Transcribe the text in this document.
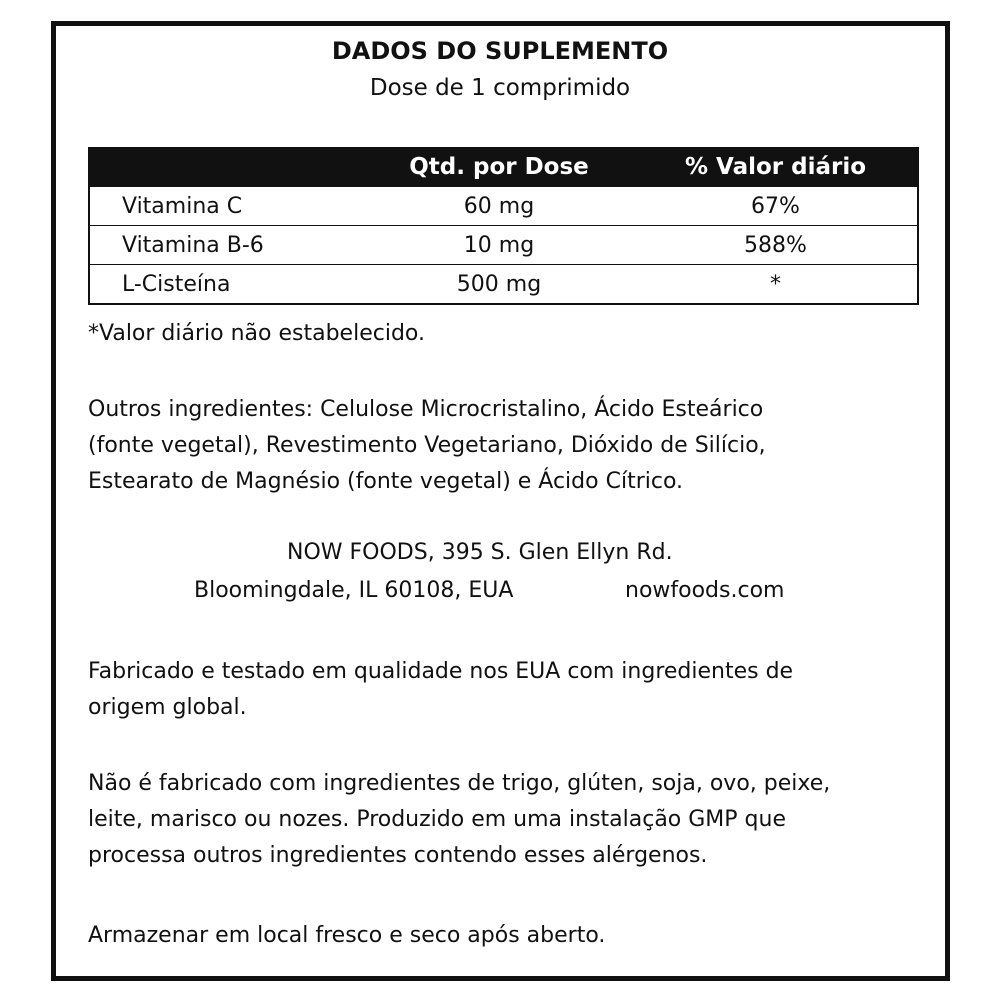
DADOS DO SUPLEMENTO

Dose de 1 comprimido

	Qtd. por Dose	% Valor diário
Vitamina C	60 mg	67%
Vitamina B-6	10 mg	588%
L-Cisteína	500 mg	*

*Valor diário não estabelecido.

Outros ingredientes: Celulose Microcristalino, Ácido Esteárico
(fonte vegetal), Revestimento Vegetariano, Dióxido de Silício,
Estearato de Magnésio (fonte vegetal) e Ácido Cítrico.

NOW FOODS, 395 S. Glen Ellyn Rd.

Bloomingdale, IL 60108, EUA	nowfoods.com

Fabricado e testado em qualidade nos EUA com ingredientes de
origem global.
Não é fabricado com ingredientes de trigo, glúten, soja, ovo, peixe,
leite, marisco ou nozes. Produzido em uma instalação GMP que
processa outros ingredientes contendo esses alérgenos.

Armazenar em local fresco e seco após aberto.
